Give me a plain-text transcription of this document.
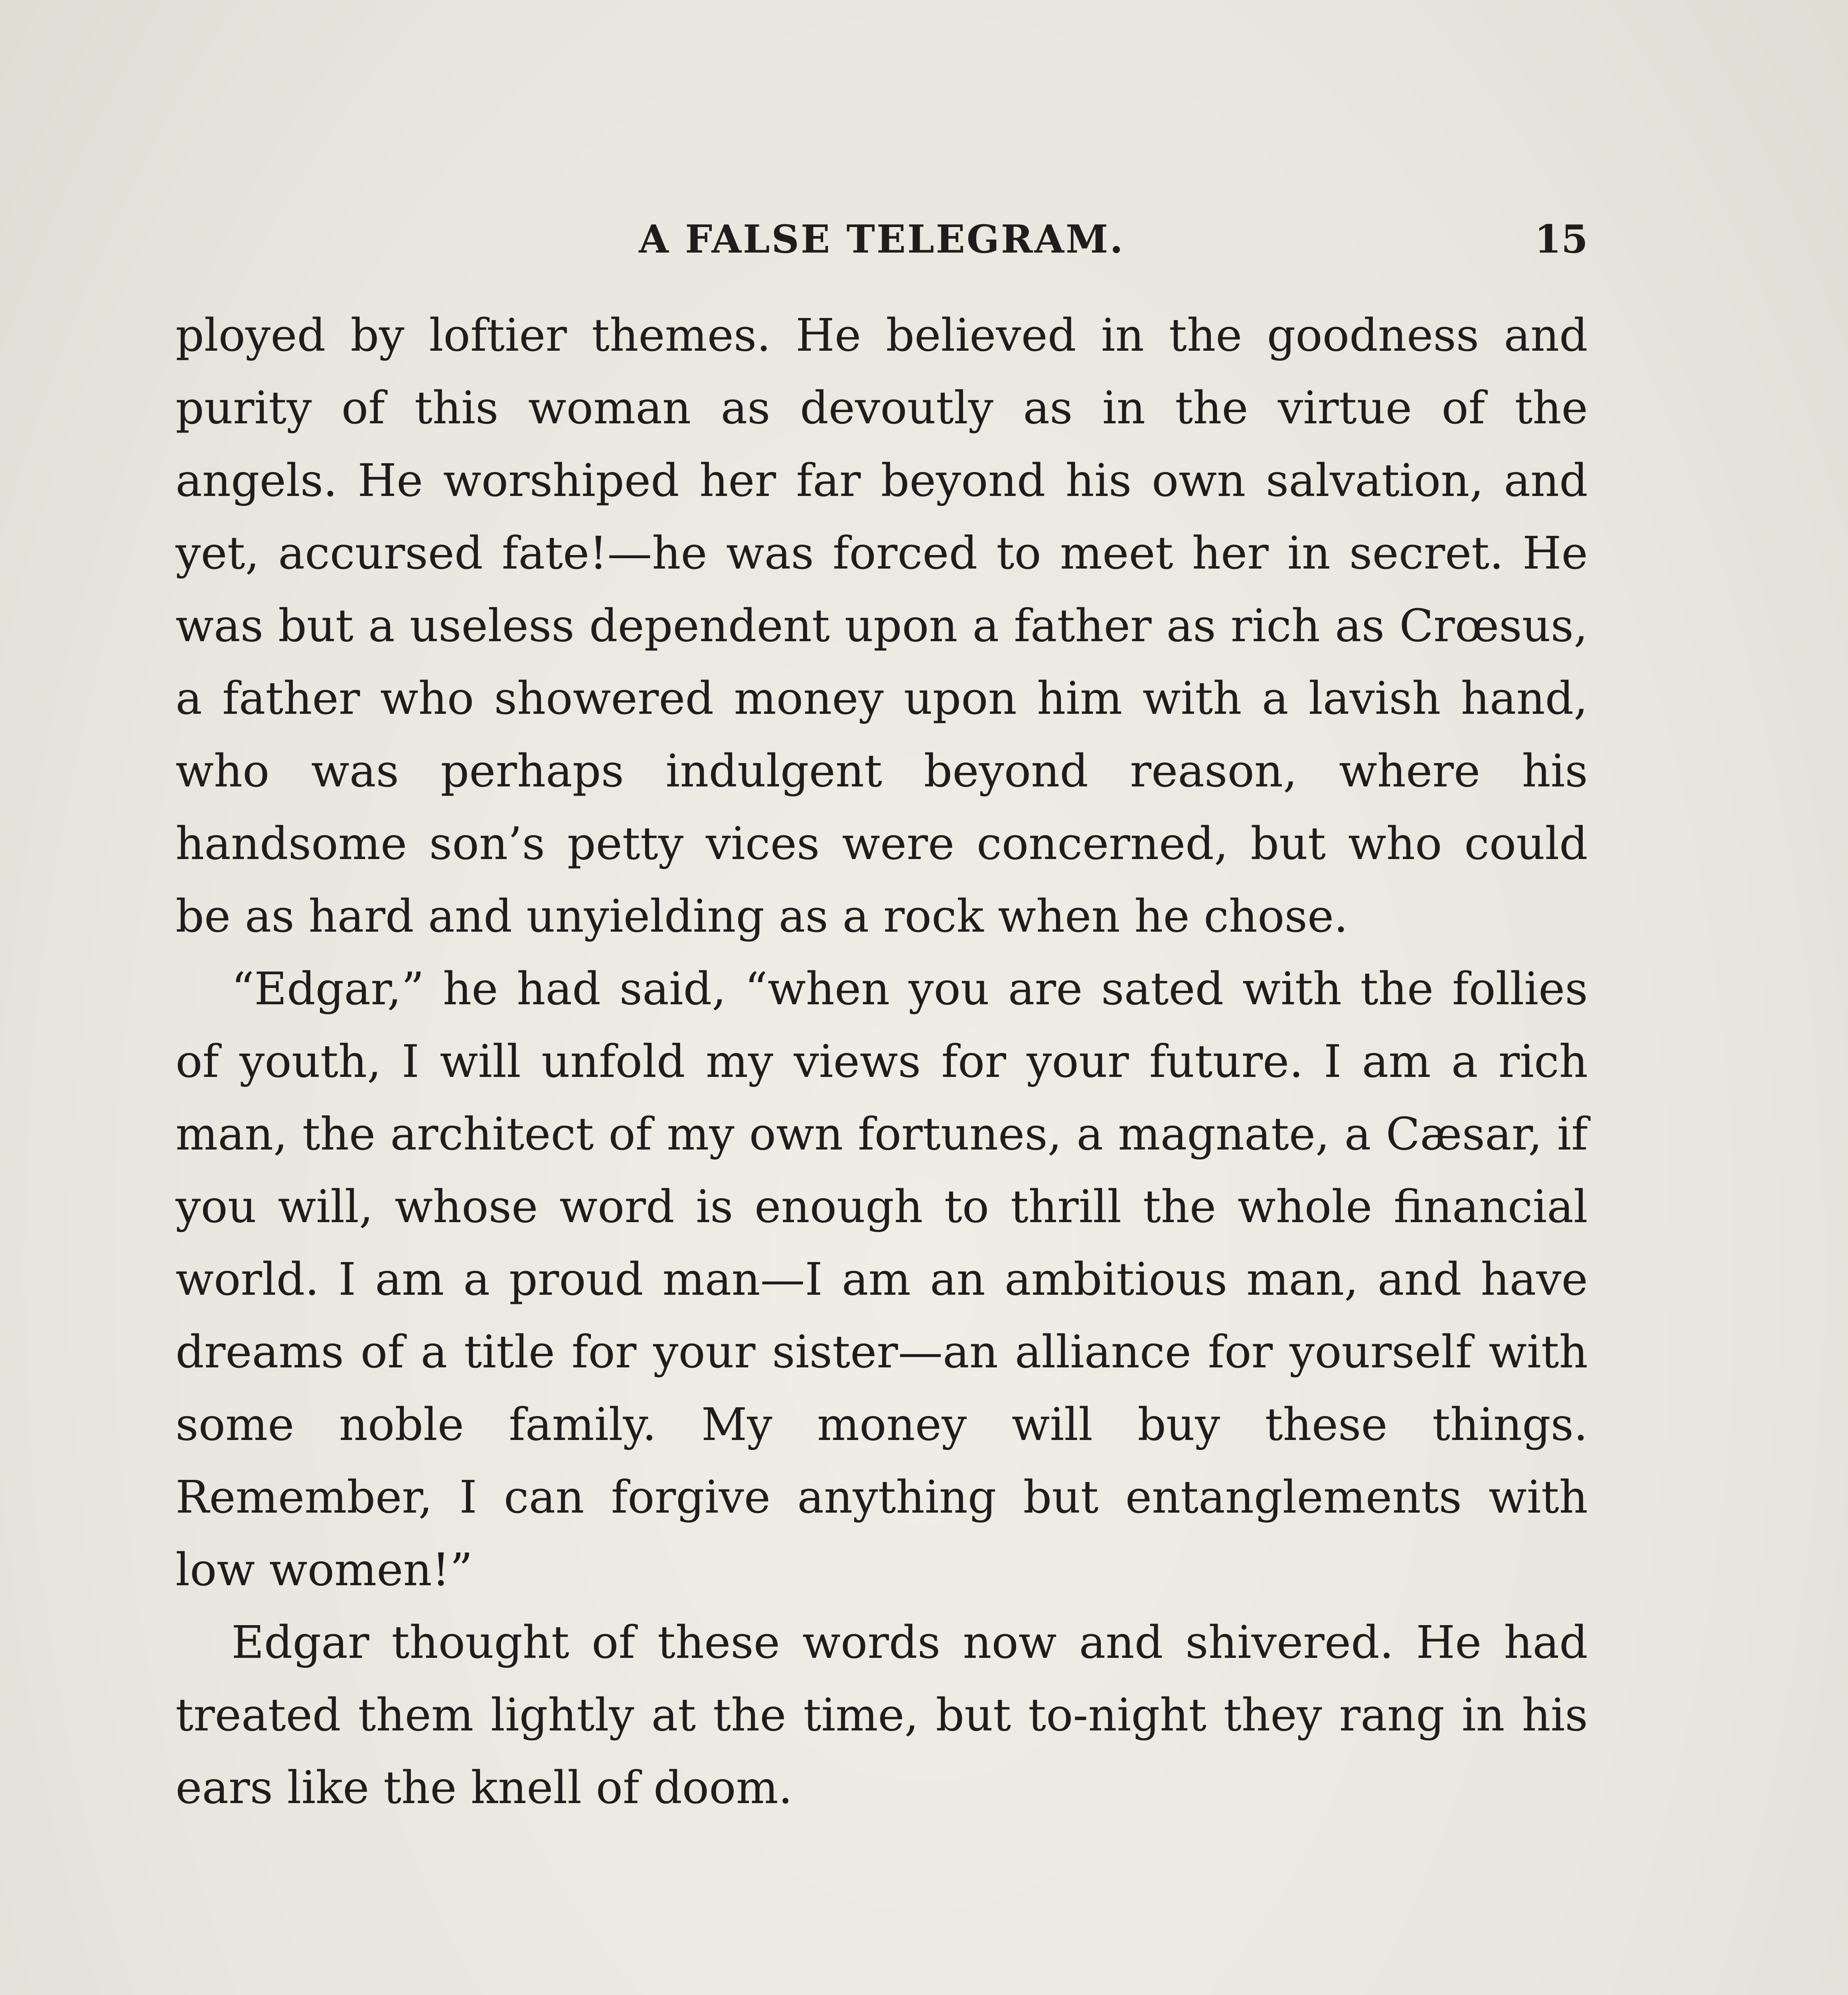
A FALSE TELEGRAM.	15

ployed by loftier themes. He believed in the goodness and purity of this woman as devoutly as in the virtue of the angels. He worshiped her far beyond his own salvation, and yet, accursed fate!—he was forced to meet her in secret. He was but a useless dependent upon a father as rich as Crœsus, a father who showered money upon him with a lavish hand, who was perhaps indulgent beyond reason, where his handsome son’s petty vices were concerned, but who could be as hard and unyielding as a rock when he chose.

“Edgar,” he had said, “when you are sated with the follies of youth, I will unfold my views for your future. I am a rich man, the architect of my own fortunes, a magnate, a Cæsar, if you will, whose word is enough to thrill the whole financial world. I am a proud man—I am an ambitious man, and have dreams of a title for your sister—an alliance for yourself with some noble family. My money will buy these things. Remember, I can forgive anything but entanglements with low women!”

Edgar thought of these words now and shivered. He had treated them lightly at the time, but to-night they rang in his ears like the knell of doom.
